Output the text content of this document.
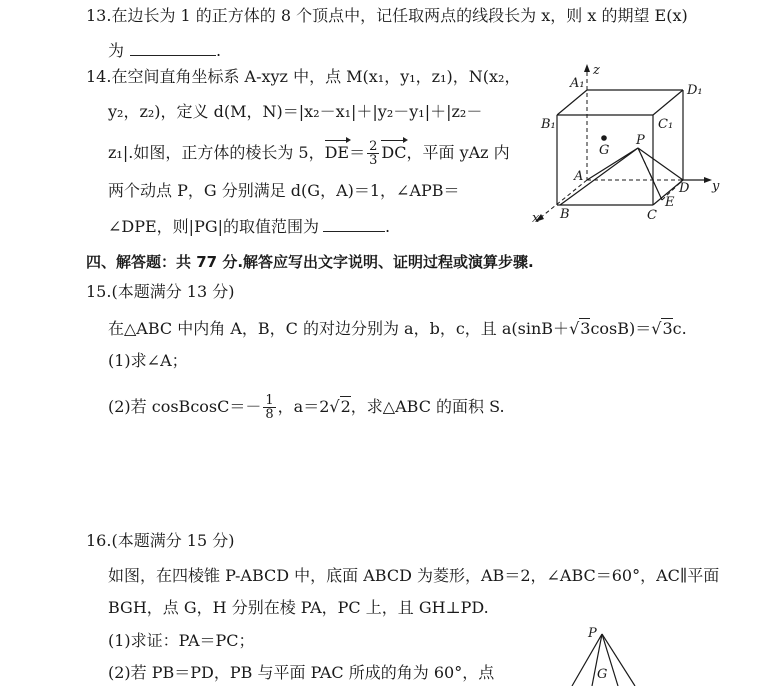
13.在边长为 1 的正方体的 8 个顶点中，记任取两点的线段长为 x，则 x 的期望 E(x)
为	.
14.在空间直角坐标系 A-xyz 中，点 M(x₁，y₁，z₁)，N(x₂，
y₂，z₂)，定义 d(M，N)＝|x₂－x₁|＋|y₂－y₁|＋|z₂－
z₁|.如图，正方体的棱长为 5，$DE= \frac{2}{3}$ DC，平面 yAz 内
两个动点 P，G 分别满足 d(G，A)＝1，∠APB＝
∠DPE，则|PG|的取值范围为	.
A₁
z
D₁
B₁	C₁
G
P
A
D y
x B
E
C
四、解答题：共 77 分.解答应写出文字说明、证明过程或演算步骤.
15.(本题满分 13 分)
在△ABC 中内角 A，B，C 的对边分别为 a，b，c，且 a(sinB＋√3cosB)＝√3c.
(1)求∠A；
(2)若 cosBcosC＝－ $\frac{1}{8}$ ，a＝2√2，求△ABC 的面积 S.
16.(本题满分 15 分)
如图，在四棱锥 P-ABCD 中，底面 ABCD 为菱形，AB＝2，∠ABC＝60°，AC∥平面
BGH，点 G，H 分别在棱 PA，PC 上，且 GH⊥PD.
(1)求证：PA＝PC；
(2)若 PB＝PD，PB 与平面 PAC 所成的角为 60°，点
P
G
